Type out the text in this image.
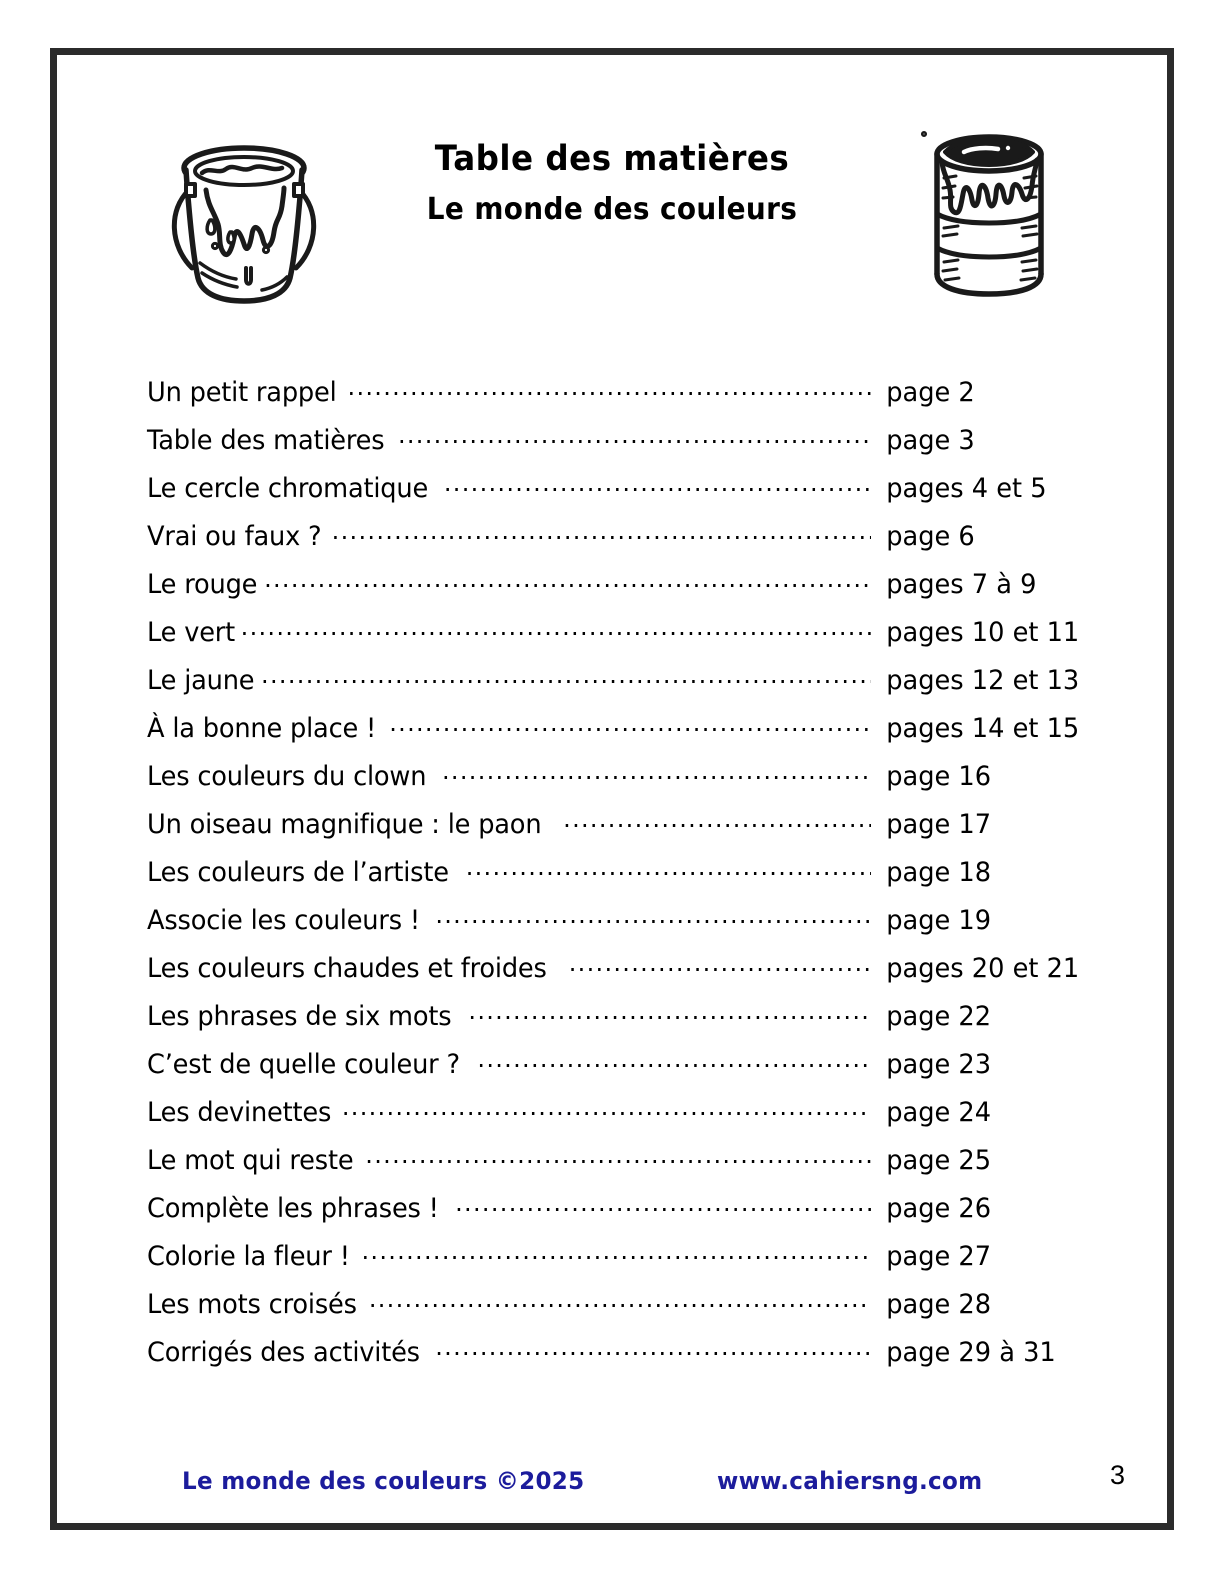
Table des matières
Le monde des couleurs
Un petit rappel .....	page 2
Table des matières .....	page 3
Le cercle chromatique .....	pages 4 et 5
Vrai ou faux ? .....	page 6
Le rouge .....	pages 7 à 9
Le vert .....	pages 10 et 11
Le jaune .....	pages 12 et 13
À la bonne place ! .....	pages 14 et 15
Les couleurs du clown .....	page 16
Un oiseau magnifique : le paon .....	page 17
Les couleurs de l’artiste .....	page 18
Associe les couleurs ! .....	page 19
Les couleurs chaudes et froides .....	pages 20 et 21
Les phrases de six mots .....	page 22
C’est de quelle couleur ? .....	page 23
Les devinettes .....	page 24
Le mot qui reste .....	page 25
Complète les phrases ! .....	page 26
Colorie la fleur ! .....	page 27
Les mots croisés .....	page 28
Corrigés des activités .....	page 29 à 31
Le monde des couleurs ©2025	www.cahiersng.com	3
